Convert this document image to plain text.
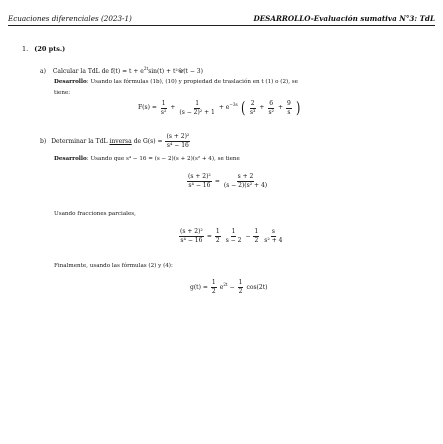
Ecuaciones diferenciales (2023-1)	DESARROLLO-Evaluación sumativa N°3: TdL
1. (20 pts.)
a) Calcular la TdL de $f(t) = t + e^{2t}\sin(t)$ + t²𝒰(t − 3)
Desarrollo: Usando las fórmulas (1b), (10) y propiedad de traslación en t (1) o (2), se
tiene:
$F(s) = \frac{1}{\text{s²}} + \frac{1}{\text{(s − 2)² + 1}} + e^{-3s}$ ( $\frac{2}{\text{s³}} + \frac{6}{\text{s²}} + \frac{9}{s}$ )
b) Determinar la TdL inversa de $G(s) = \frac{\text{(s + 2)²}}{\text{s⁴ − 16}}$
Desarrollo: Usando que s⁴ − 16 = (s − 2)(s + 2)(s² + 4), se tiene
$\frac{\text{(s + 2)²}}{\text{s⁴ − 16}} = \frac{s + 2}{\text{(s − 2)(s² + 4)}}$
Usando fracciones parciales,
$\frac{\text{(s + 2)²}}{\text{s⁴ − 16}} = \frac{1}{2} \frac{1}{s - 2} - \frac{1}{2} \frac{s}{\text{s² + 4}}$
Finalmente, usando las fórmulas (2) y (4):
$g(t) = \frac{1}{2} e^{2t} - \frac{1}{2} \cos(2t)$
